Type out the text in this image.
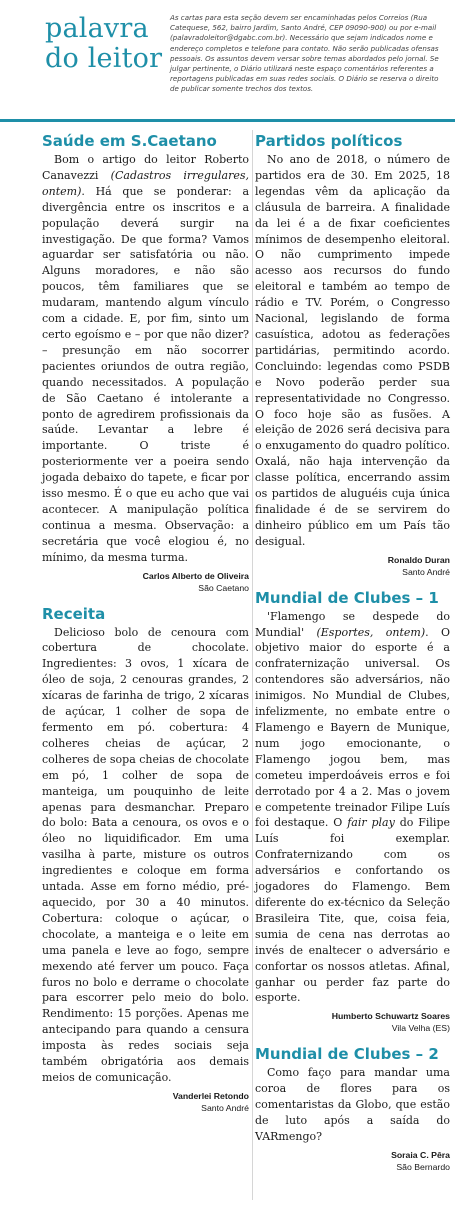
palavra
do leitor
As cartas para esta seção devem ser encaminhadas pelos Correios (Rua Catequese, 562, bairro Jardim, Santo André, CEP 09090-900) ou por e-mail (palavradoleitor@dgabc.com.br). Necessário que sejam indicados nome e endereço completos e telefone para contato. Não serão publicadas ofensas pessoais. Os assuntos devem versar sobre temas abordados pelo jornal. Se julgar pertinente, o Diário utilizará neste espaço comentários referentes a reportagens publicadas em suas redes sociais. O Diário se reserva o direito de publicar somente trechos dos textos.
Saúde em S.Caetano

Bom o artigo do leitor Roberto Canavezzi (Cadastros irregulares, ontem). Há que se ponderar: a divergência entre os inscritos e a população deverá surgir na investigação. De que forma? Vamos aguardar ser satisfatória ou não. Alguns moradores, e não são poucos, têm familiares que se mudaram, mantendo algum vínculo com a cidade. E, por fim, sinto um certo egoísmo e – por que não dizer? – presunção em não socorrer pacientes oriundos de outra região, quando necessitados. A população de São Caetano é intolerante a ponto de agredirem profissionais da saúde. Levantar a lebre é importante. O triste é posteriormente ver a poeira sendo jogada debaixo do tapete, e ficar por isso mesmo. É o que eu acho que vai acontecer. A manipulação política continua a mesma. Observação: a secretária que você elogiou é, no mínimo, da mesma turma.

Carlos Alberto de Oliveira
São Caetano
Receita

Delicioso bolo de cenoura com cobertura de chocolate. Ingredientes: 3 ovos, 1 xícara de óleo de soja, 2 cenouras grandes, 2 xícaras de farinha de trigo, 2 xícaras de açúcar, 1 colher de sopa de fermento em pó. cobertura: 4 colheres cheias de açúcar, 2 colheres de sopa cheias de chocolate em pó, 1 colher de sopa de manteiga, um pouquinho de leite apenas para desmanchar. Preparo do bolo: Bata a cenoura, os ovos e o óleo no liquidificador. Em uma vasilha à parte, misture os outros ingredientes e coloque em forma untada. Asse em forno médio, pré-aquecido, por 30 a 40 minutos. Cobertura: coloque o açúcar, o chocolate, a manteiga e o leite em uma panela e leve ao fogo, sempre mexendo até ferver um pouco. Faça furos no bolo e derrame o chocolate para escorrer pelo meio do bolo. Rendimento: 15 porções. Apenas me antecipando para quando a censura imposta às redes sociais seja também obrigatória aos demais meios de comunicação.

Vanderlei Retondo
Santo André
Partidos políticos

No ano de 2018, o número de partidos era de 30. Em 2025, 18 legendas vêm da aplicação da cláusula de barreira. A finalidade da lei é a de fixar coeficientes mínimos de desempenho eleitoral. O não cumprimento impede acesso aos recursos do fundo eleitoral e também ao tempo de rádio e TV. Porém, o Congresso Nacional, legislando de forma casuística, adotou as federações partidárias, permitindo acordo. Concluindo: legendas como PSDB e Novo poderão perder sua representatividade no Congresso. O foco hoje são as fusões. A eleição de 2026 será decisiva para o enxugamento do quadro político. Oxalá, não haja intervenção da classe política, encerrando assim os partidos de aluguéis cuja única finalidade é de se servirem do dinheiro público em um País tão desigual.

Ronaldo Duran
Santo André
Mundial de Clubes – 1

'Flamengo se despede do Mundial' (Esportes, ontem). O objetivo maior do esporte é a confraternização universal. Os contendores são adversários, não inimigos. No Mundial de Clubes, infelizmente, no embate entre o Flamengo e Bayern de Munique, num jogo emocionante, o Flamengo jogou bem, mas cometeu imperdoáveis erros e foi derrotado por 4 a 2. Mas o jovem e competente treinador Filipe Luís foi destaque. O fair play do Filipe Luís foi exemplar. Confraternizando com os adversários e confortando os jogadores do Flamengo. Bem diferente do ex-técnico da Seleção Brasileira Tite, que, coisa feia, sumia de cena nas derrotas ao invés de enaltecer o adversário e confortar os nossos atletas. Afinal, ganhar ou perder faz parte do esporte.

Humberto Schuwartz Soares
Vila Velha (ES)
Mundial de Clubes – 2

Como faço para mandar uma coroa de flores para os comentaristas da Globo, que estão de luto após a saída do VARmengo?

Soraia C. Pêra
São Bernardo
